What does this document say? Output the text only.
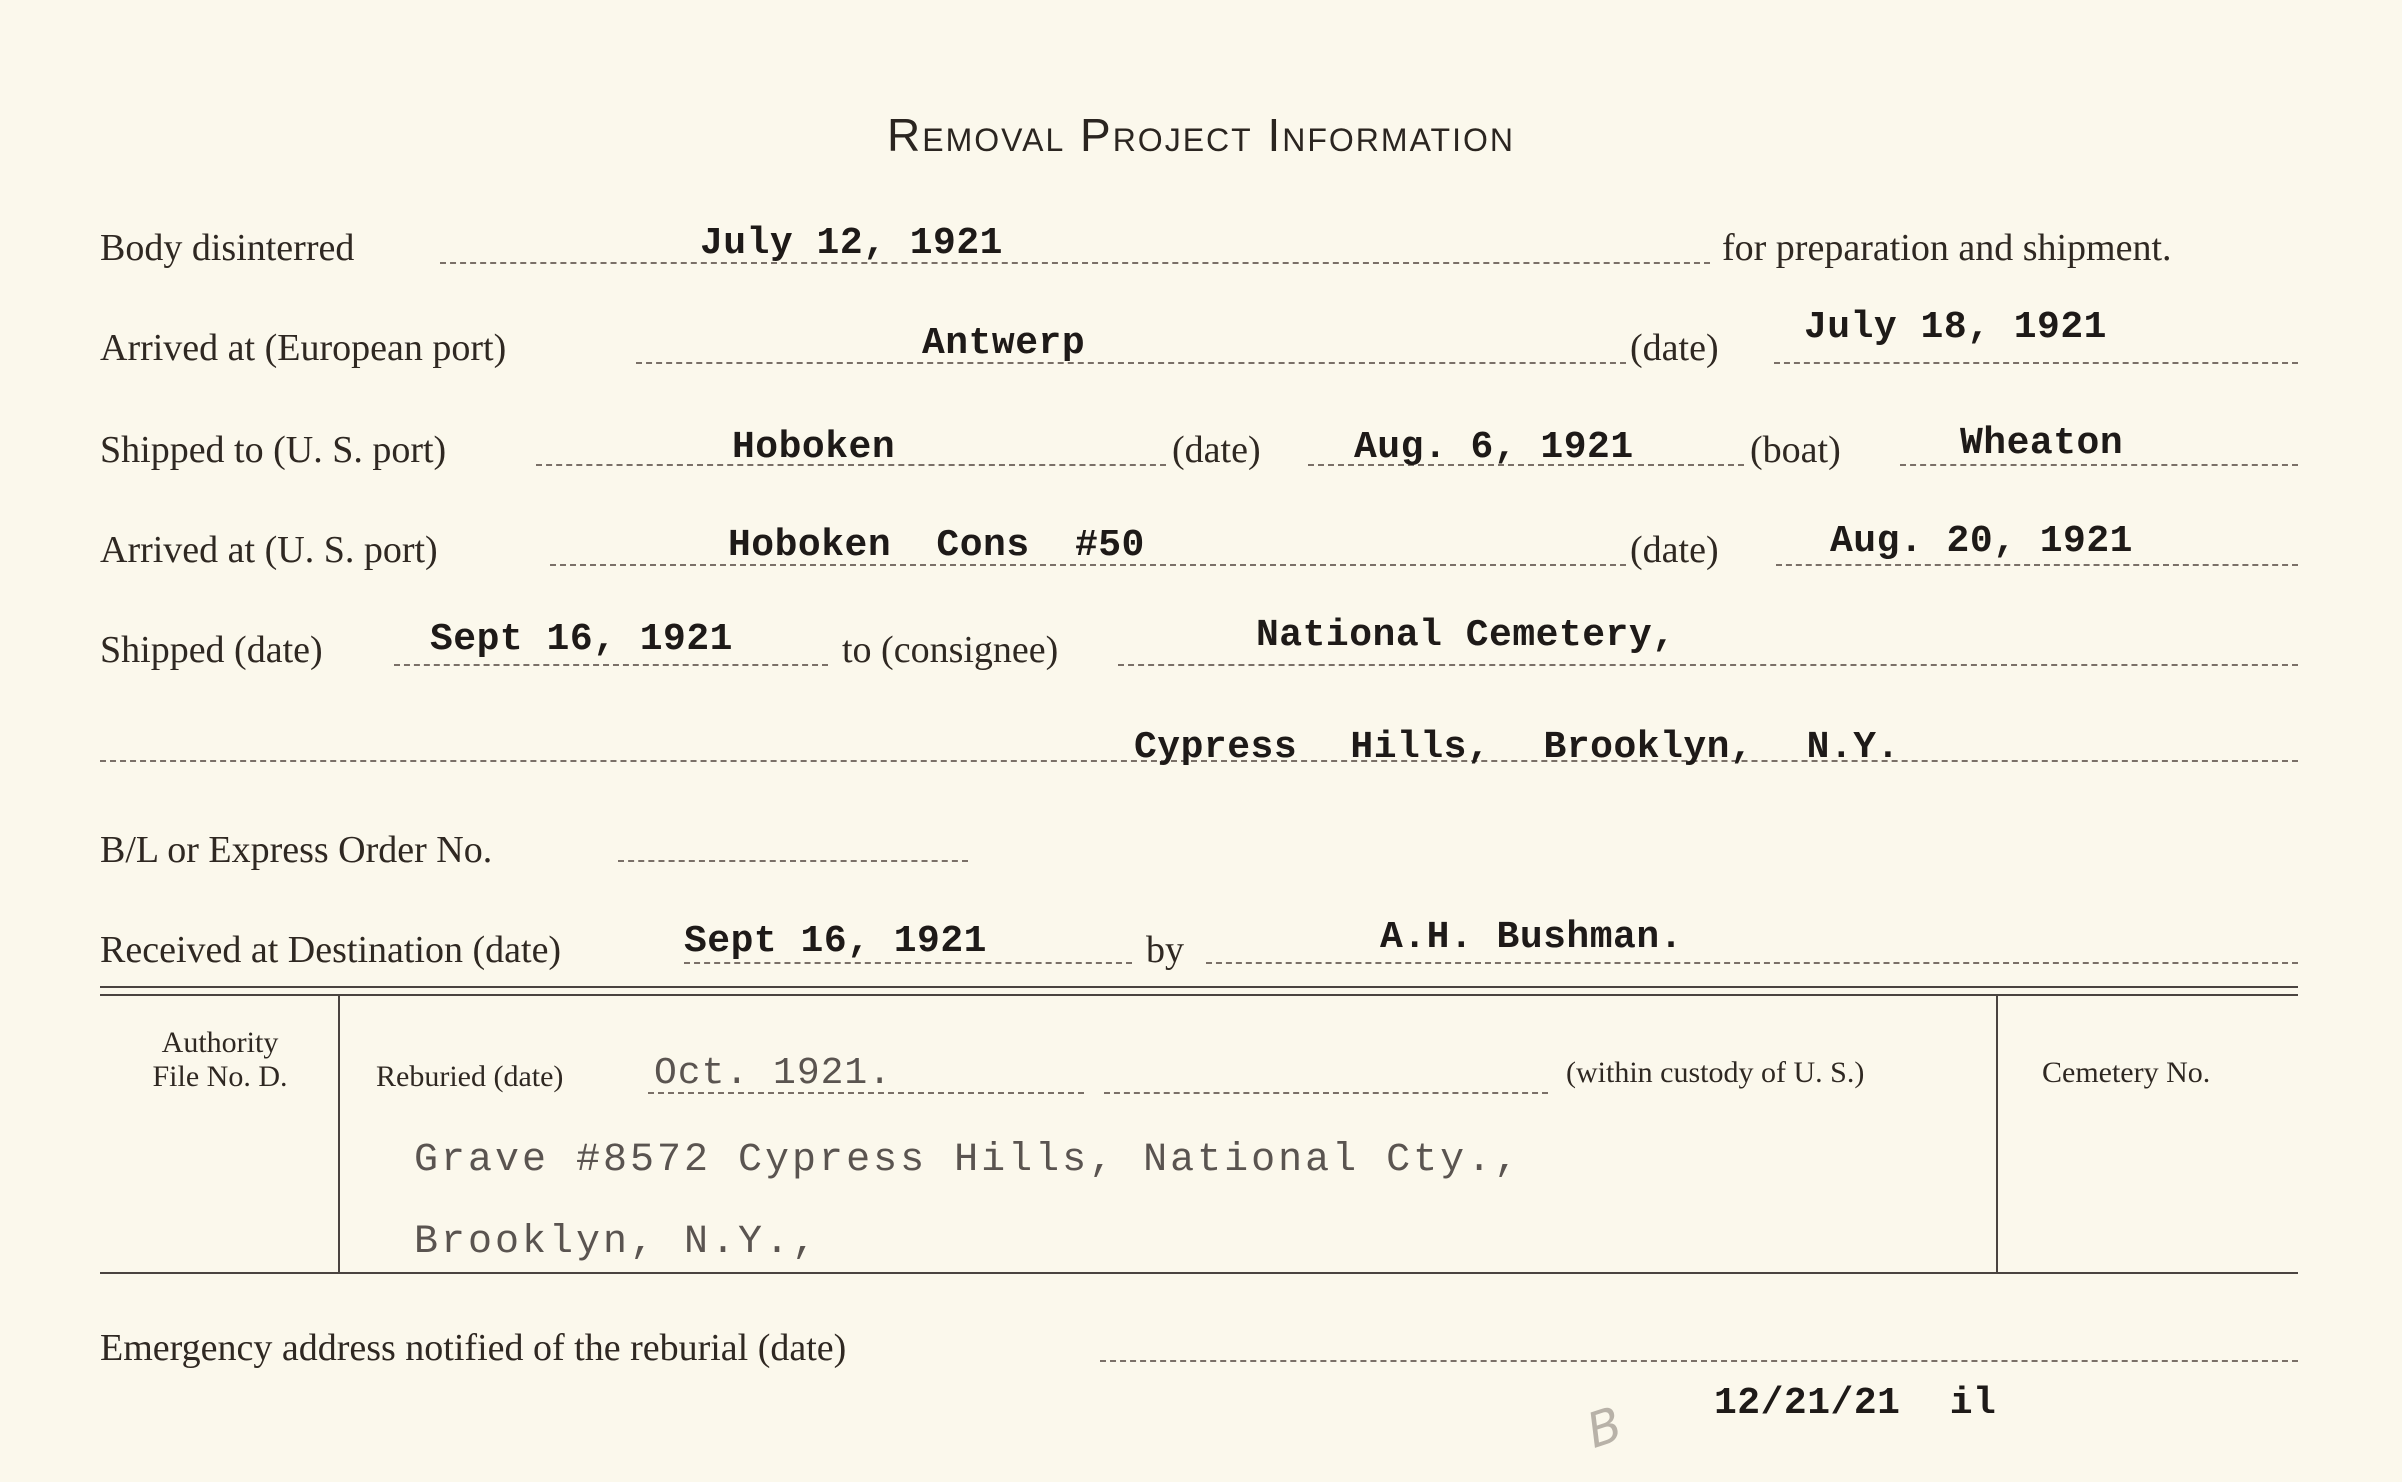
Removal Project Information
Body disinterred	July 12, 1921	for preparation and shipment.
Arrived at (European port)	Antwerp	(date) July 18, 1921
Shipped to (U. S. port)	Hoboken	(date) Aug. 6, 1921	(boat)	Wheaton
Arrived at (U. S. port)	Hoboken Cons #50	(date)	Aug. 20, 1921
Shipped (date)	Sept 16, 1921	to (consignee)	National Cemetery,
Cypress Hills, Brooklyn, N.Y.
B/L or Express Order No.
Received at Destination (date)	Sept 16, 1921	by	A.H. Bushman.
Authority
File No. D.	Reburied (date) Oct. 1921.	(within custody of U. S.)	Cemetery No.
Grave #8572 Cypress Hills, National Cty.,
Brooklyn, N.Y.,
Emergency address notified of the reburial (date)
12/21/21 il
B
